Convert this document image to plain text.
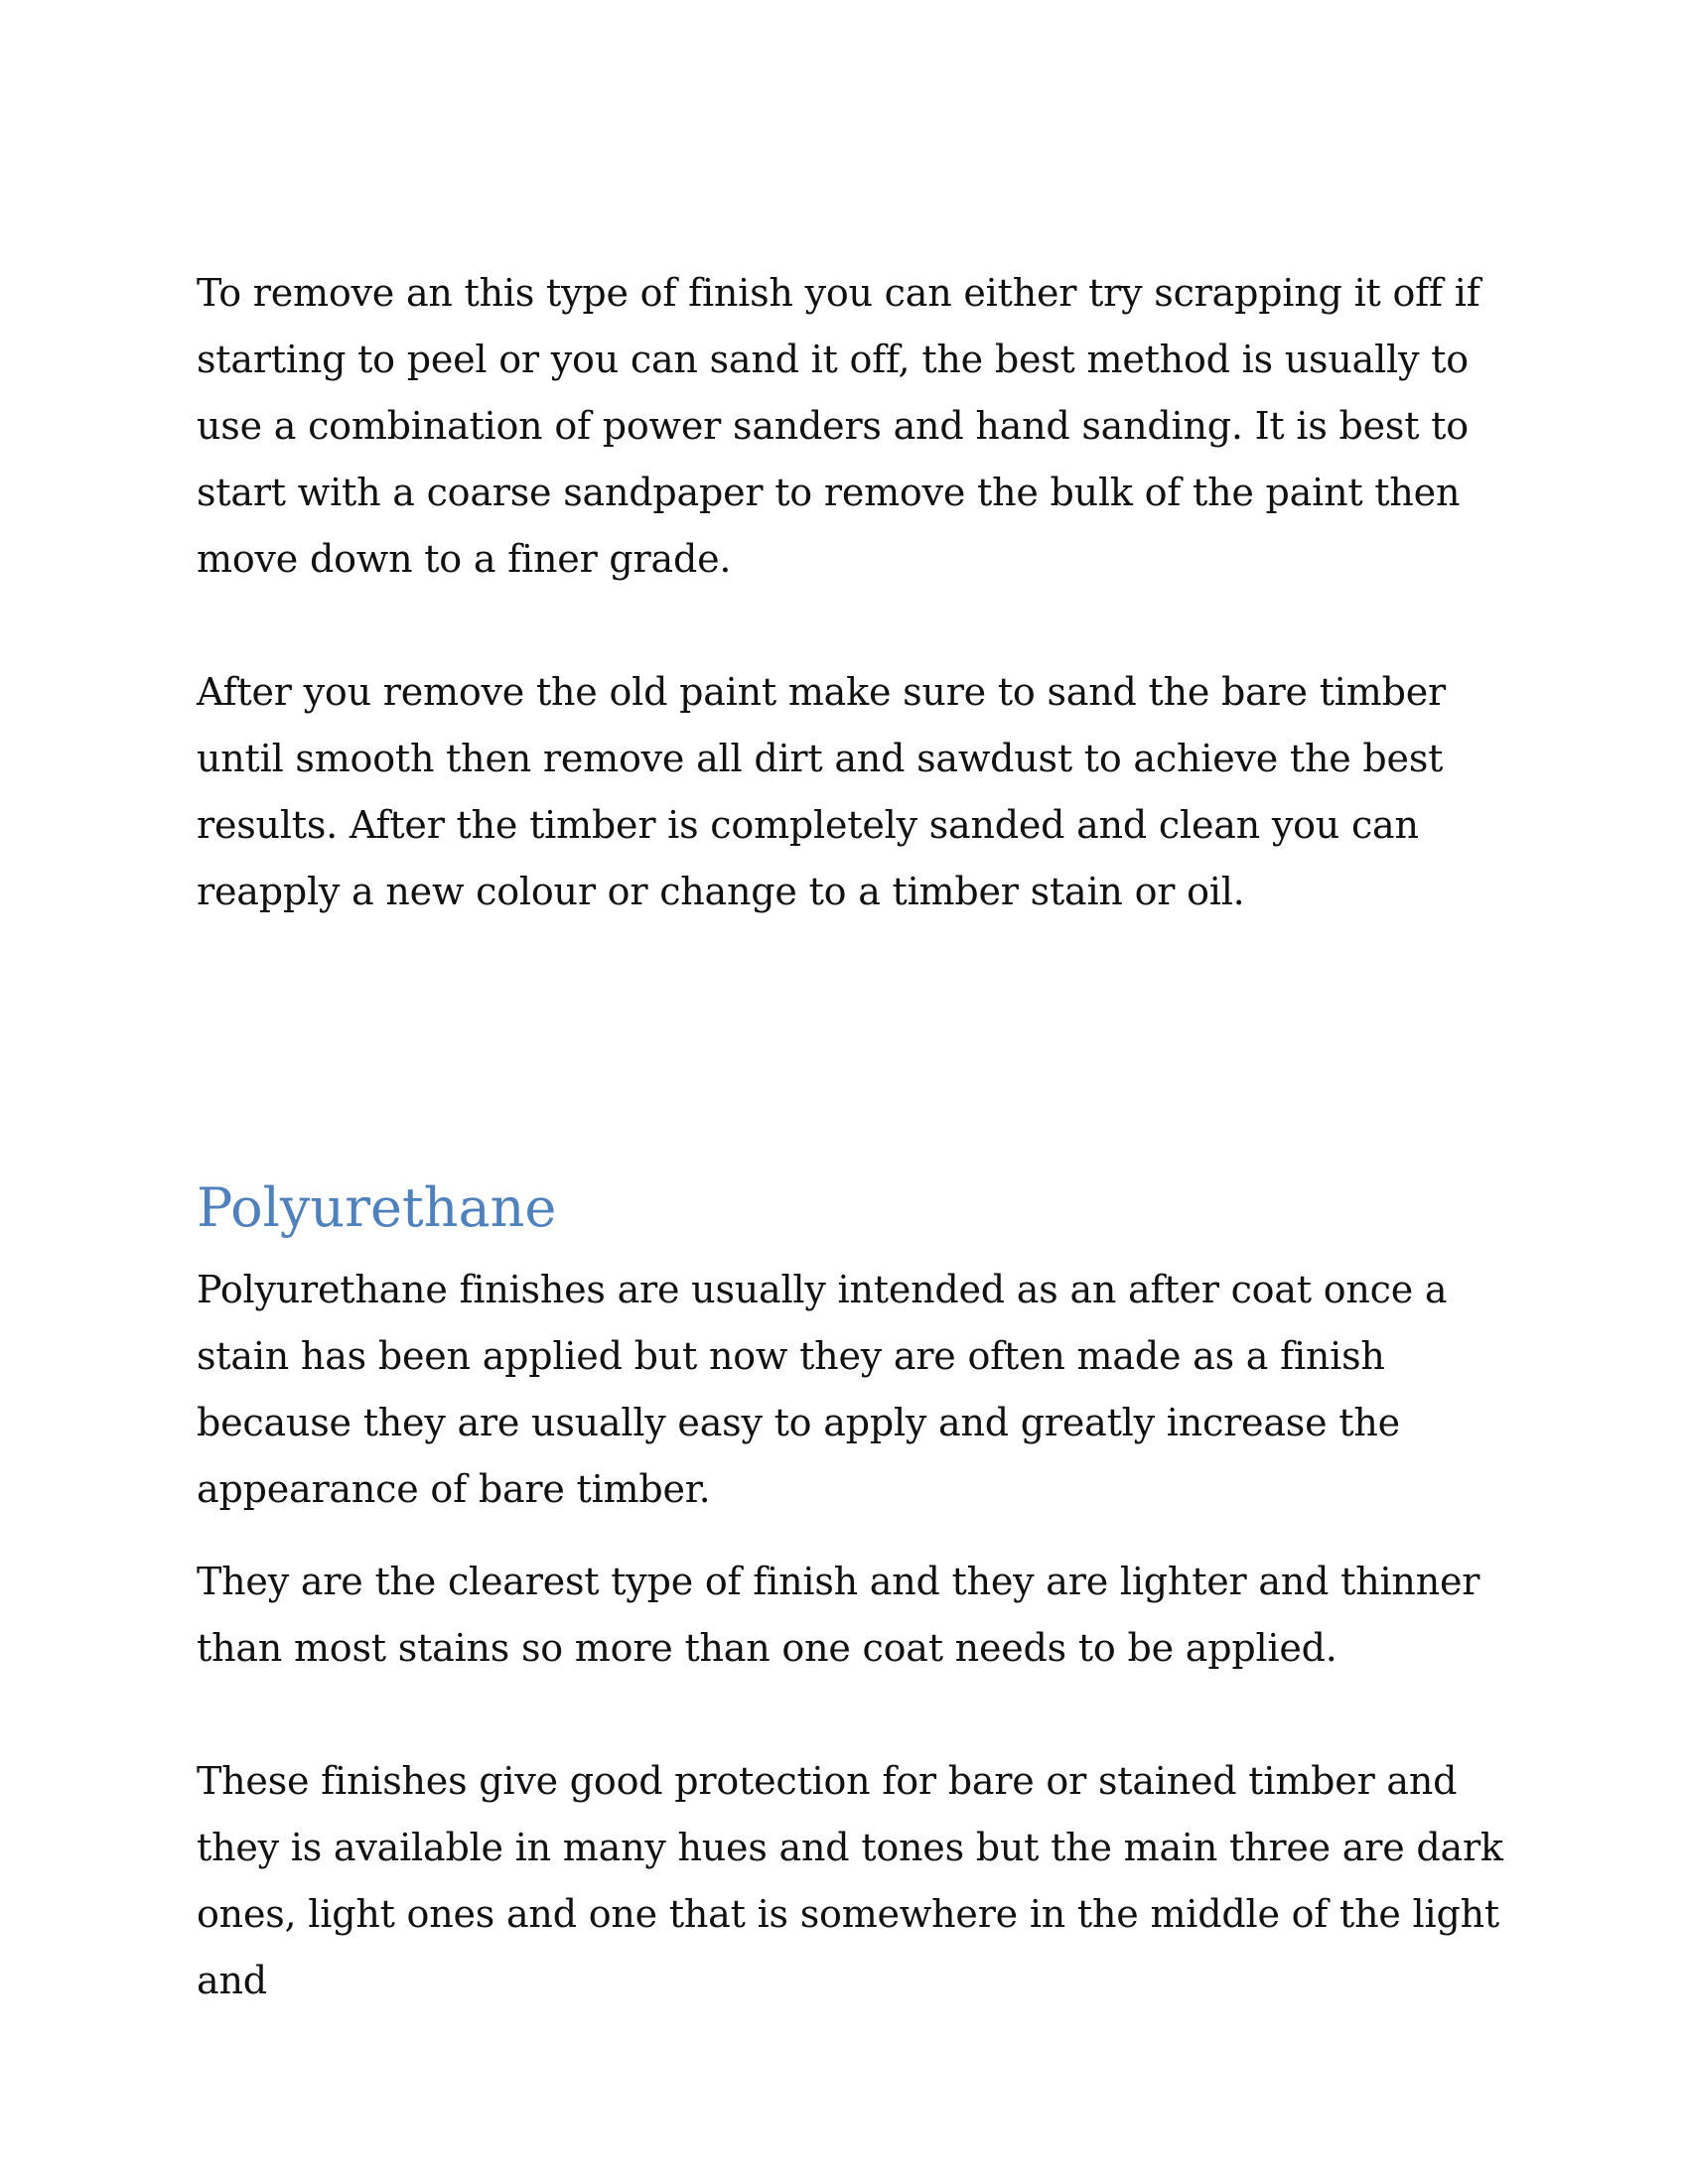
To remove an this type of finish you can either try scrapping it off if starting to peel or you can sand it off, the best method is usually to use a combination of power sanders and hand sanding. It is best to start with a coarse sandpaper to remove the bulk of the paint then move down to a finer grade.

After you remove the old paint make sure to sand the bare timber until smooth then remove all dirt and sawdust to achieve the best results. After the timber is completely sanded and clean you can reapply a new colour or change to a timber stain or oil.

Polyurethane

Polyurethane finishes are usually intended as an after coat once a stain has been applied but now they are often made as a finish because they are usually easy to apply and greatly increase the appearance of bare timber.

They are the clearest type of finish and they are lighter and thinner than most stains so more than one coat needs to be applied.

These finishes give good protection for bare or stained timber and they is available in many hues and tones but the main three are dark ones, light ones and one that is somewhere in the middle of the light and
